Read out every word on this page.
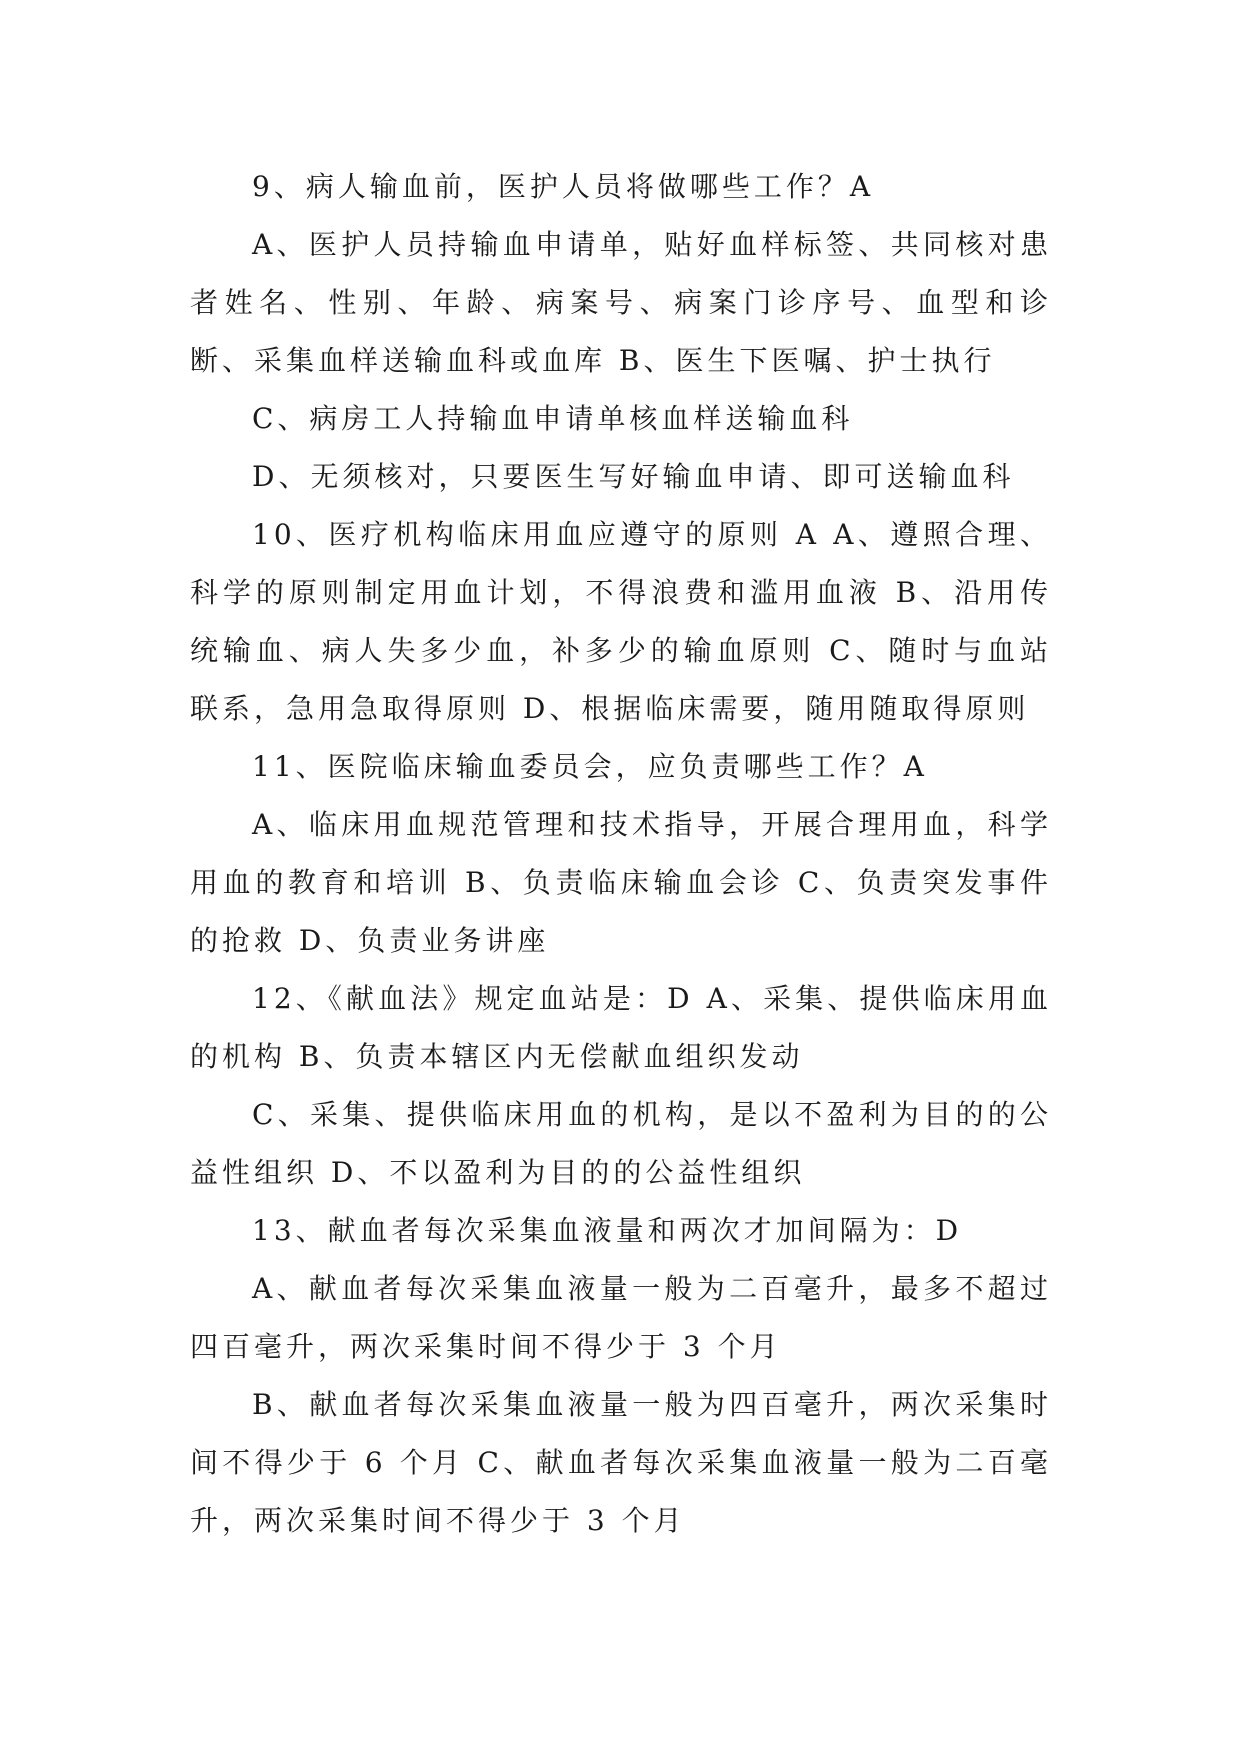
9、病人输血前，医护人员将做哪些工作？A

A、医护人员持输血申请单，贴好血样标签、共同核对患者姓名、性别、年龄、病案号、病案门诊序号、血型和诊断、采集血样送输血科或血库 B、医生下医嘱、护士执行

C、病房工人持输血申请单核血样送输血科

D、无须核对，只要医生写好输血申请、即可送输血科

10、医疗机构临床用血应遵守的原则 A A、遵照合理、科学的原则制定用血计划，不得浪费和滥用血液 B、沿用传统输血、病人失多少血，补多少的输血原则 C、随时与血站联系，急用急取得原则 D、根据临床需要，随用随取得原则

11、医院临床输血委员会，应负责哪些工作？A

A、临床用血规范管理和技术指导，开展合理用血，科学用血的教育和培训 B、负责临床输血会诊 C、负责突发事件的抢救 D、负责业务讲座

12、《献血法》规定血站是：D A、采集、提供临床用血的机构 B、负责本辖区内无偿献血组织发动

C、采集、提供临床用血的机构，是以不盈利为目的的公益性组织 D、不以盈利为目的的公益性组织

13、献血者每次采集血液量和两次才加间隔为：D

A、献血者每次采集血液量一般为二百毫升，最多不超过四百毫升，两次采集时间不得少于 3 个月

B、献血者每次采集血液量一般为四百毫升，两次采集时间不得少于 6 个月 C、献血者每次采集血液量一般为二百毫升，两次采集时间不得少于 3 个月
